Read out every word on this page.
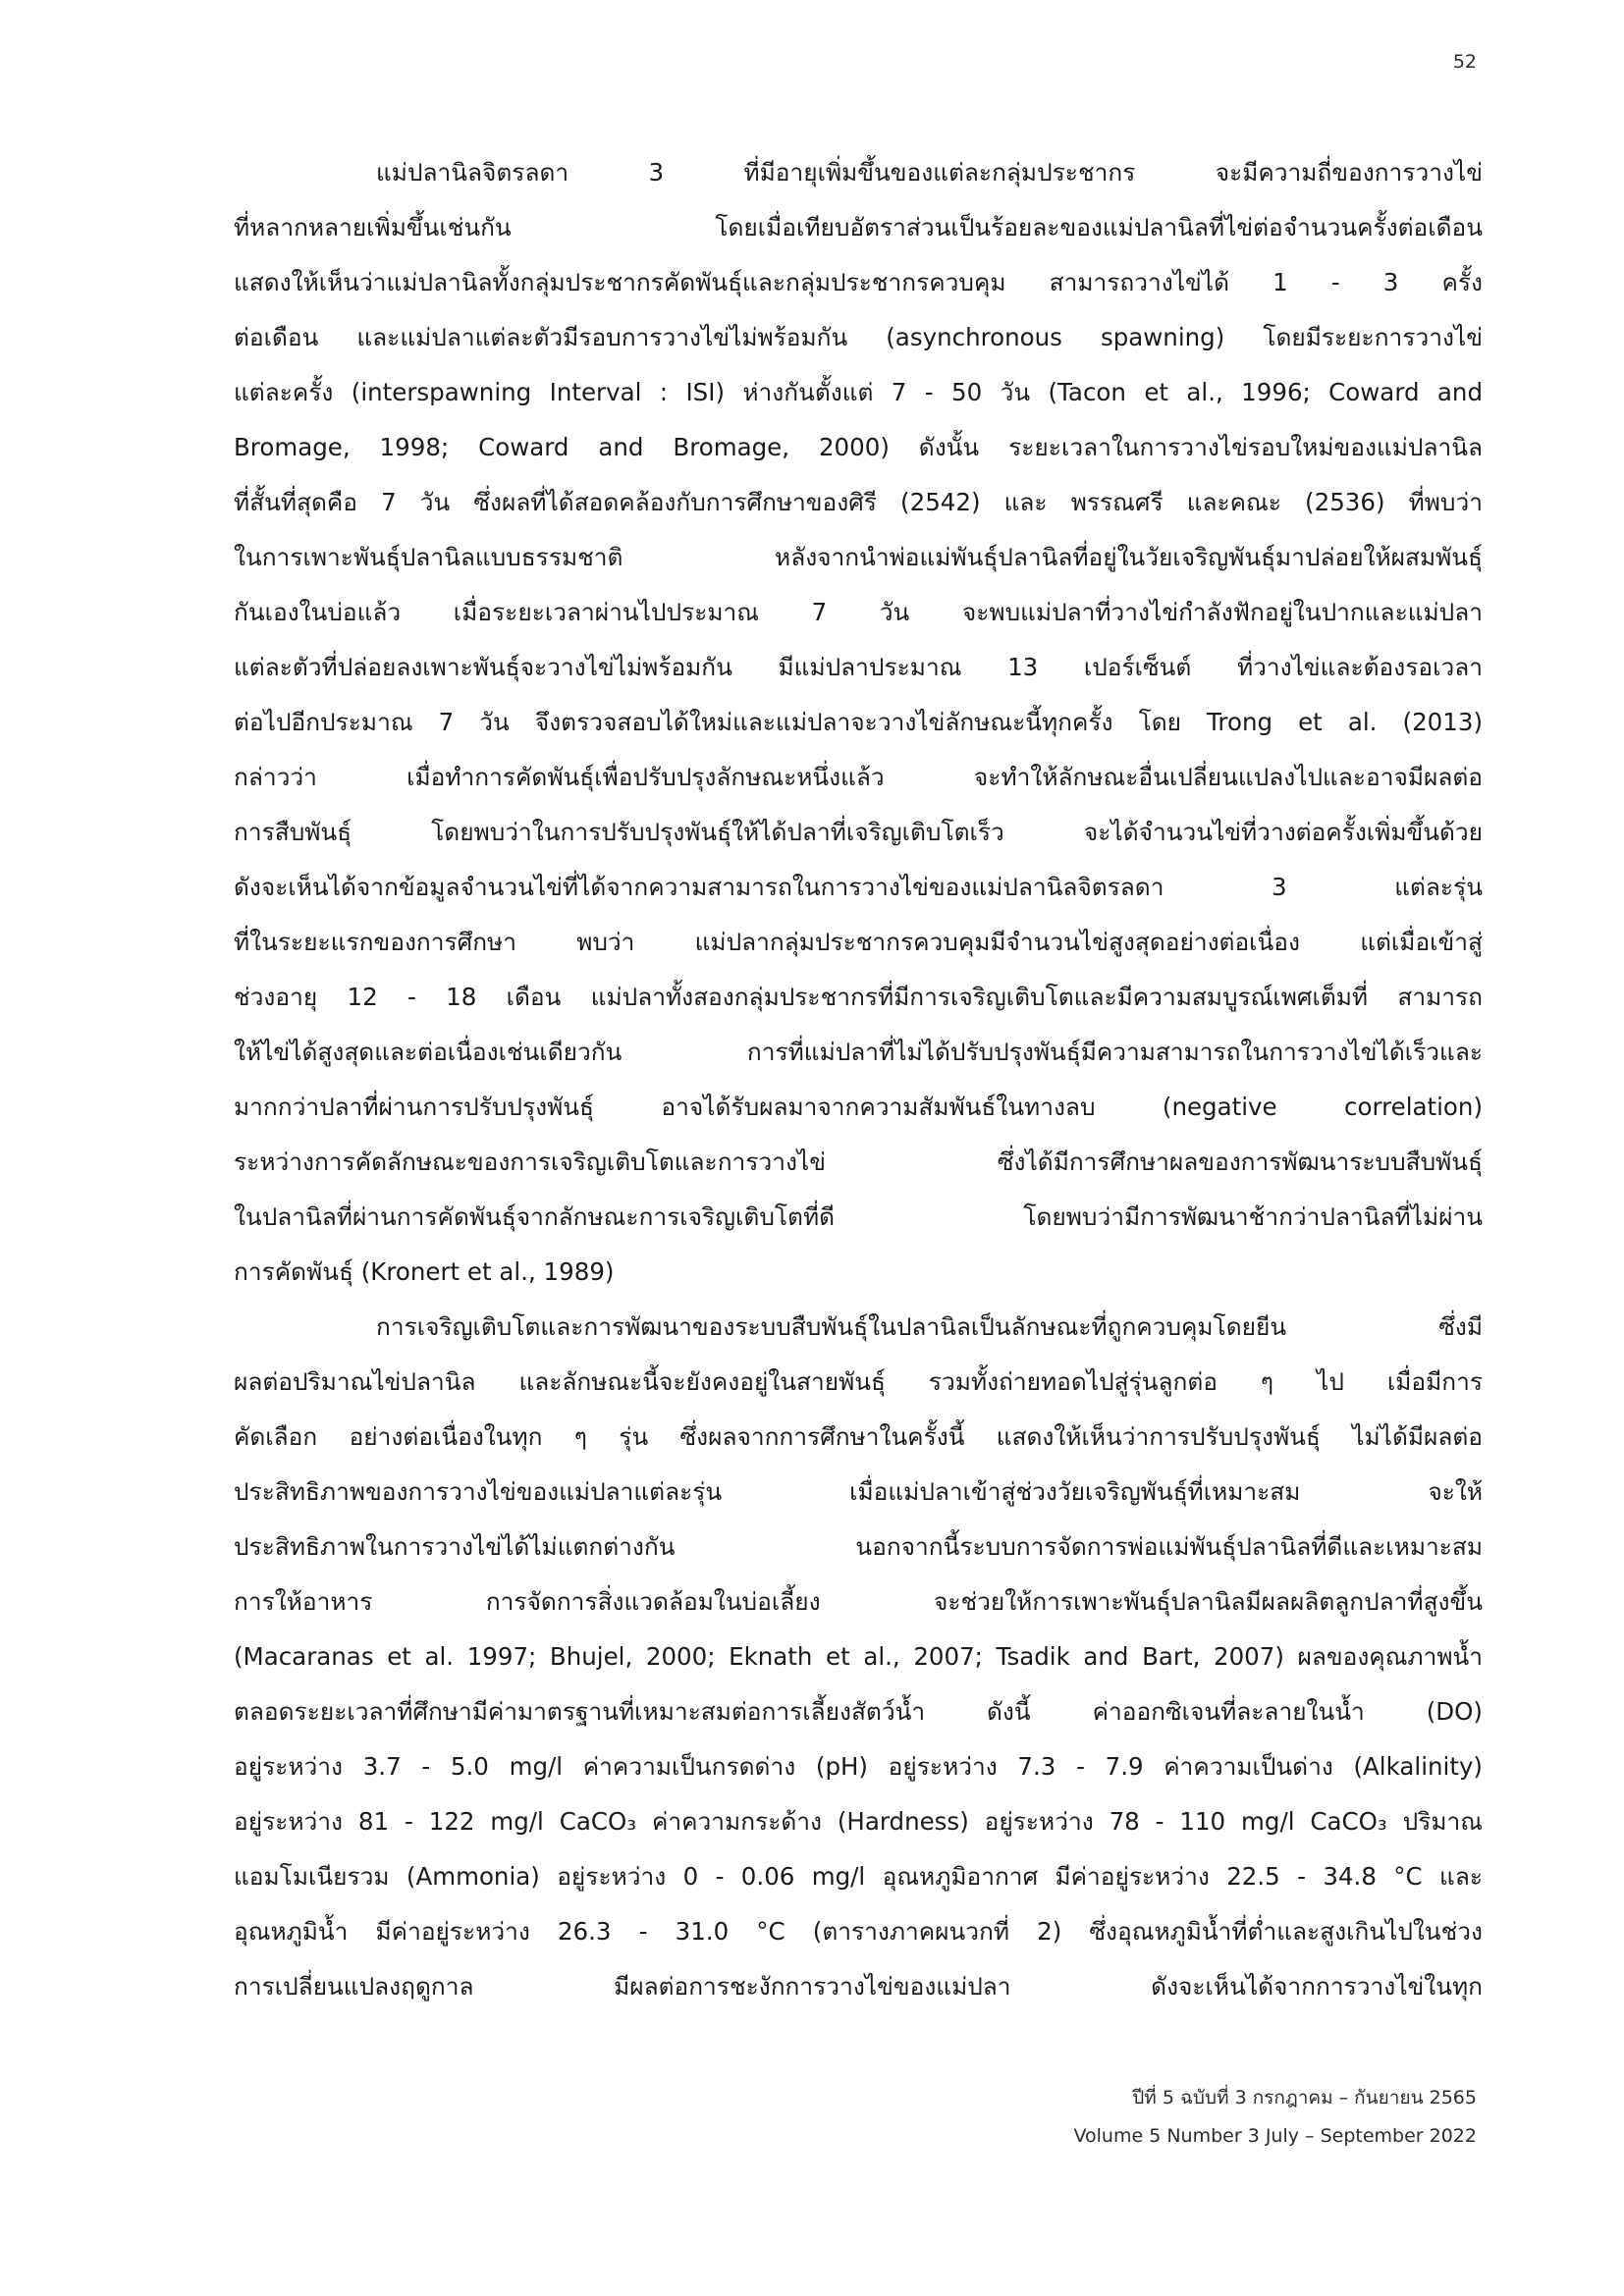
52
แม่ปลานิลจิตรลดา 3 ที่มีอายุเพิ่มขึ้นของแต่ละกลุ่มประชากร จะมีความถี่ของการวางไข่
ที่หลากหลายเพิ่มขึ้นเช่นกัน โดยเมื่อเทียบอัตราส่วนเป็นร้อยละของแม่ปลานิลที่ไข่ต่อจำนวนครั้งต่อเดือน
แสดงให้เห็นว่าแม่ปลานิลทั้งกลุ่มประชากรคัดพันธุ์และกลุ่มประชากรควบคุม สามารถวางไข่ได้ 1 - 3 ครั้ง
ต่อเดือน และแม่ปลาแต่ละตัวมีรอบการวางไข่ไม่พร้อมกัน (asynchronous spawning) โดยมีระยะการวางไข่
แต่ละครั้ง (interspawning Interval : ISI) ห่างกันตั้งแต่ 7 - 50 วัน (Tacon et al., 1996; Coward and
Bromage, 1998; Coward and Bromage, 2000) ดังนั้น ระยะเวลาในการวางไข่รอบใหม่ของแม่ปลานิล
ที่สั้นที่สุดคือ 7 วัน ซึ่งผลที่ได้สอดคล้องกับการศึกษาของศิรี (2542) และ พรรณศรี และคณะ (2536) ที่พบว่า
ในการเพาะพันธุ์ปลานิลแบบธรรมชาติ หลังจากนำพ่อแม่พันธุ์ปลานิลที่อยู่ในวัยเจริญพันธุ์มาปล่อยให้ผสมพันธุ์
กันเองในบ่อแล้ว เมื่อระยะเวลาผ่านไปประมาณ 7 วัน จะพบแม่ปลาที่วางไข่กำลังฟักอยู่ในปากและแม่ปลา
แต่ละตัวที่ปล่อยลงเพาะพันธุ์จะวางไข่ไม่พร้อมกัน มีแม่ปลาประมาณ 13 เปอร์เซ็นต์ ที่วางไข่และต้องรอเวลา
ต่อไปอีกประมาณ 7 วัน จึงตรวจสอบได้ใหม่และแม่ปลาจะวางไข่ลักษณะนี้ทุกครั้ง โดย Trong et al. (2013)
กล่าวว่า เมื่อทำการคัดพันธุ์เพื่อปรับปรุงลักษณะหนึ่งแล้ว จะทำให้ลักษณะอื่นเปลี่ยนแปลงไปและอาจมีผลต่อ
การสืบพันธุ์ โดยพบว่าในการปรับปรุงพันธุ์ให้ได้ปลาที่เจริญเติบโตเร็ว จะได้จำนวนไข่ที่วางต่อครั้งเพิ่มขึ้นด้วย
ดังจะเห็นได้จากข้อมูลจำนวนไข่ที่ได้จากความสามารถในการวางไข่ของแม่ปลานิลจิตรลดา 3 แต่ละรุ่น
ที่ในระยะแรกของการศึกษา พบว่า แม่ปลากลุ่มประชากรควบคุมมีจำนวนไข่สูงสุดอย่างต่อเนื่อง แต่เมื่อเข้าสู่
ช่วงอายุ 12 - 18 เดือน แม่ปลาทั้งสองกลุ่มประชากรที่มีการเจริญเติบโตและมีความสมบูรณ์เพศเต็มที่ สามารถ
ให้ไข่ได้สูงสุดและต่อเนื่องเช่นเดียวกัน การที่แม่ปลาที่ไม่ได้ปรับปรุงพันธุ์มีความสามารถในการวางไข่ได้เร็วและ
มากกว่าปลาที่ผ่านการปรับปรุงพันธุ์ อาจได้รับผลมาจากความสัมพันธ์ในทางลบ (negative correlation)
ระหว่างการคัดลักษณะของการเจริญเติบโตและการวางไข่ ซึ่งได้มีการศึกษาผลของการพัฒนาระบบสืบพันธุ์
ในปลานิลที่ผ่านการคัดพันธุ์จากลักษณะการเจริญเติบโตที่ดี โดยพบว่ามีการพัฒนาช้ากว่าปลานิลที่ไม่ผ่าน
การคัดพันธุ์ (Kronert et al., 1989)
การเจริญเติบโตและการพัฒนาของระบบสืบพันธุ์ในปลานิลเป็นลักษณะที่ถูกควบคุมโดยยีน ซึ่งมี
ผลต่อปริมาณไข่ปลานิล และลักษณะนี้จะยังคงอยู่ในสายพันธุ์ รวมทั้งถ่ายทอดไปสู่รุ่นลูกต่อ ๆ ไป เมื่อมีการ
คัดเลือก อย่างต่อเนื่องในทุก ๆ รุ่น ซึ่งผลจากการศึกษาในครั้งนี้ แสดงให้เห็นว่าการปรับปรุงพันธุ์ ไม่ได้มีผลต่อ
ประสิทธิภาพของการวางไข่ของแม่ปลาแต่ละรุ่น เมื่อแม่ปลาเข้าสู่ช่วงวัยเจริญพันธุ์ที่เหมาะสม จะให้
ประสิทธิภาพในการวางไข่ได้ไม่แตกต่างกัน นอกจากนี้ระบบการจัดการพ่อแม่พันธุ์ปลานิลที่ดีและเหมาะสม
การให้อาหาร การจัดการสิ่งแวดล้อมในบ่อเลี้ยง จะช่วยให้การเพาะพันธุ์ปลานิลมีผลผลิตลูกปลาที่สูงขึ้น
(Macaranas et al. 1997; Bhujel, 2000; Eknath et al., 2007; Tsadik and Bart, 2007) ผลของคุณภาพน้ำ
ตลอดระยะเวลาที่ศึกษามีค่ามาตรฐานที่เหมาะสมต่อการเลี้ยงสัตว์น้ำ ดังนี้ ค่าออกซิเจนที่ละลายในน้ำ (DO)
อยู่ระหว่าง 3.7 - 5.0 mg/l ค่าความเป็นกรดด่าง (pH) อยู่ระหว่าง 7.3 - 7.9 ค่าความเป็นด่าง (Alkalinity)
อยู่ระหว่าง 81 - 122 mg/l CaCO₃ ค่าความกระด้าง (Hardness) อยู่ระหว่าง 78 - 110 mg/l CaCO₃ ปริมาณ
แอมโมเนียรวม (Ammonia) อยู่ระหว่าง 0 - 0.06 mg/l อุณหภูมิอากาศ มีค่าอยู่ระหว่าง 22.5 - 34.8 °C และ
อุณหภูมิน้ำ มีค่าอยู่ระหว่าง 26.3 - 31.0 °C (ตารางภาคผนวกที่ 2) ซึ่งอุณหภูมิน้ำที่ต่ำและสูงเกินไปในช่วง
การเปลี่ยนแปลงฤดูกาล มีผลต่อการชะงักการวางไข่ของแม่ปลา ดังจะเห็นได้จากการวางไข่ในทุก
ปีที่ 5 ฉบับที่ 3 กรกฎาคม – กันยายน 2565
Volume 5 Number 3 July – September 2022
